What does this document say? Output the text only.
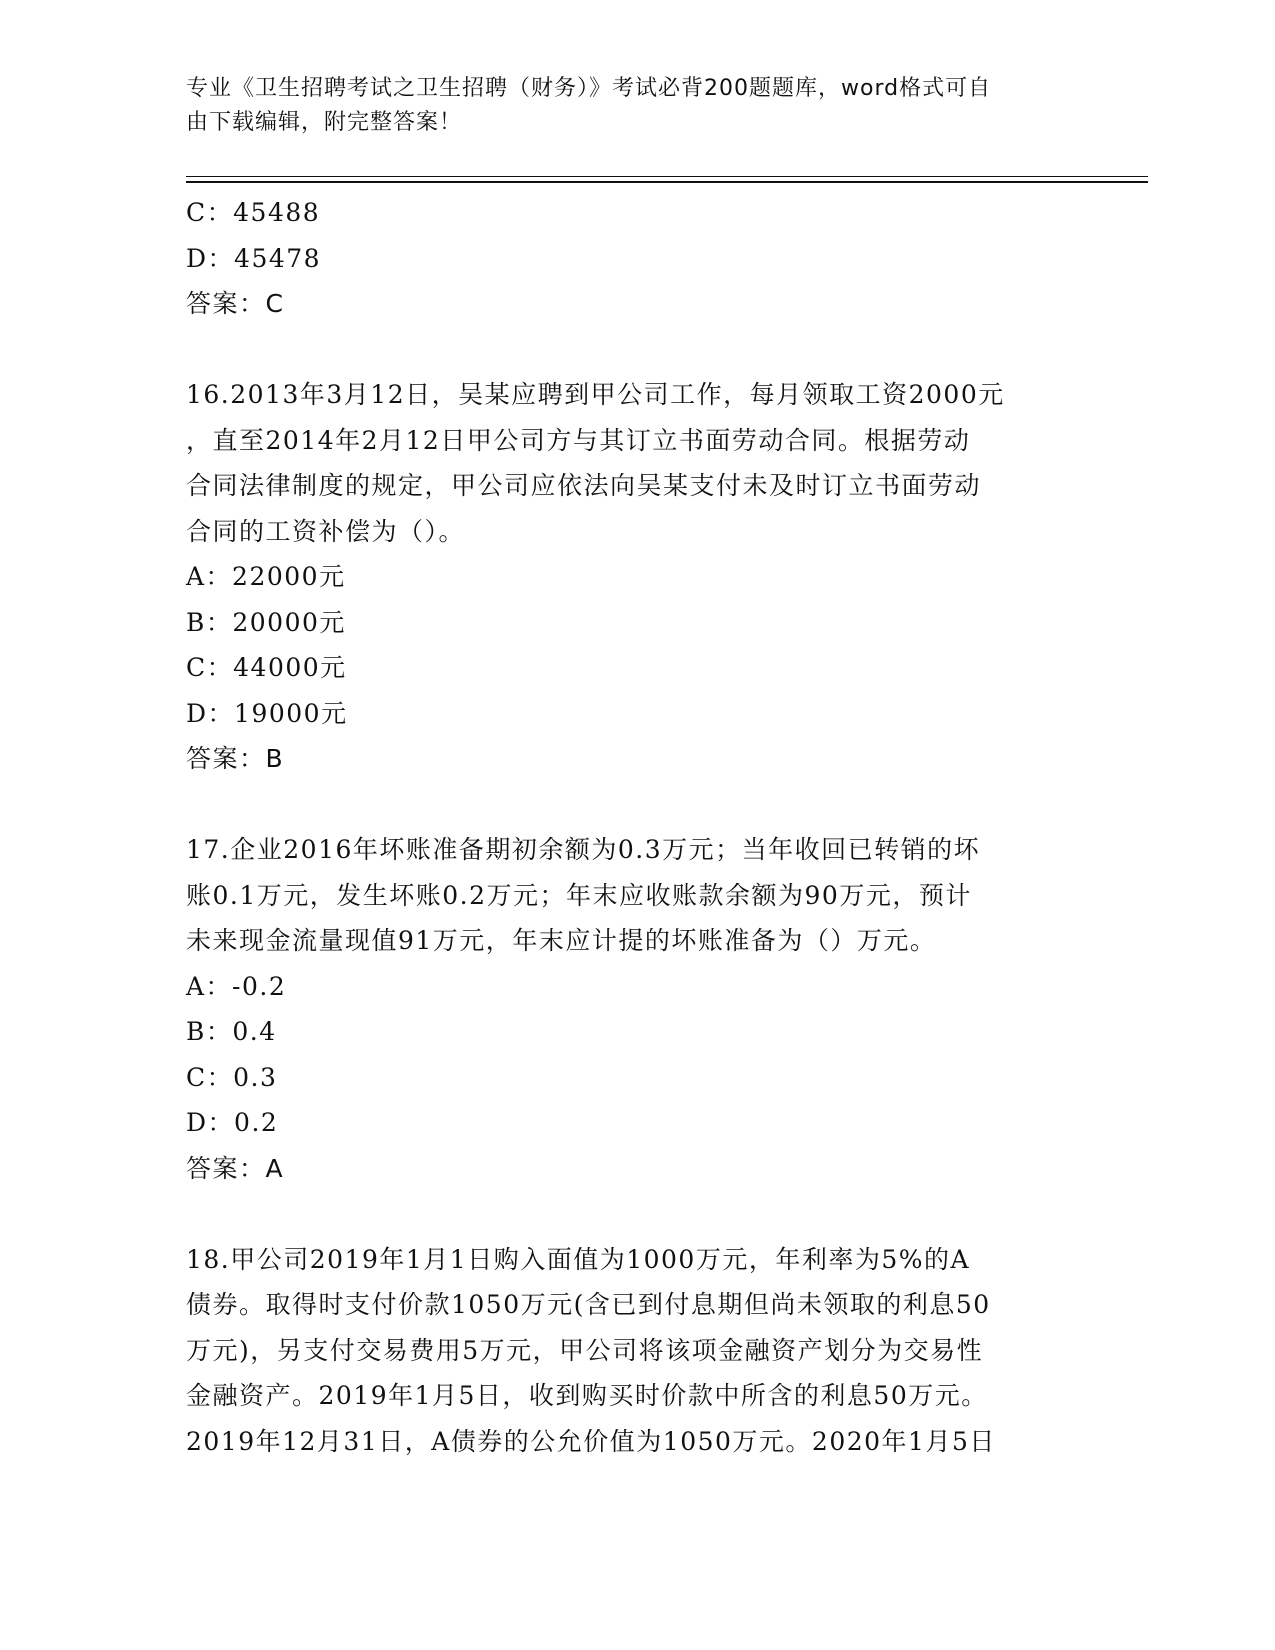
专业《卫生招聘考试之卫生招聘（财务）》考试必背200题题库，word格式可自
由下载编辑，附完整答案！
C：45488
D：45478
答案：C
16.2013年3月12日，吴某应聘到甲公司工作，每月领取工资2000元
，直至2014年2月12日甲公司方与其订立书面劳动合同。根据劳动
合同法律制度的规定，甲公司应依法向吴某支付未及时订立书面劳动
合同的工资补偿为（）。
A：22000元
B：20000元
C：44000元
D：19000元
答案：B
17.企业2016年坏账准备期初余额为0.3万元；当年收回已转销的坏
账0.1万元，发生坏账0.2万元；年末应收账款余额为90万元，预计
未来现金流量现值91万元，年末应计提的坏账准备为（）万元。
A：-0.2
B：0.4
C：0.3
D：0.2
答案：A
18.甲公司2019年1月1日购入面值为1000万元，年利率为5%的A
债券。取得时支付价款1050万元(含已到付息期但尚未领取的利息50
万元)，另支付交易费用5万元，甲公司将该项金融资产划分为交易性
金融资产。2019年1月5日，收到购买时价款中所含的利息50万元。
2019年12月31日，A债券的公允价值为1050万元。2020年1月5日
